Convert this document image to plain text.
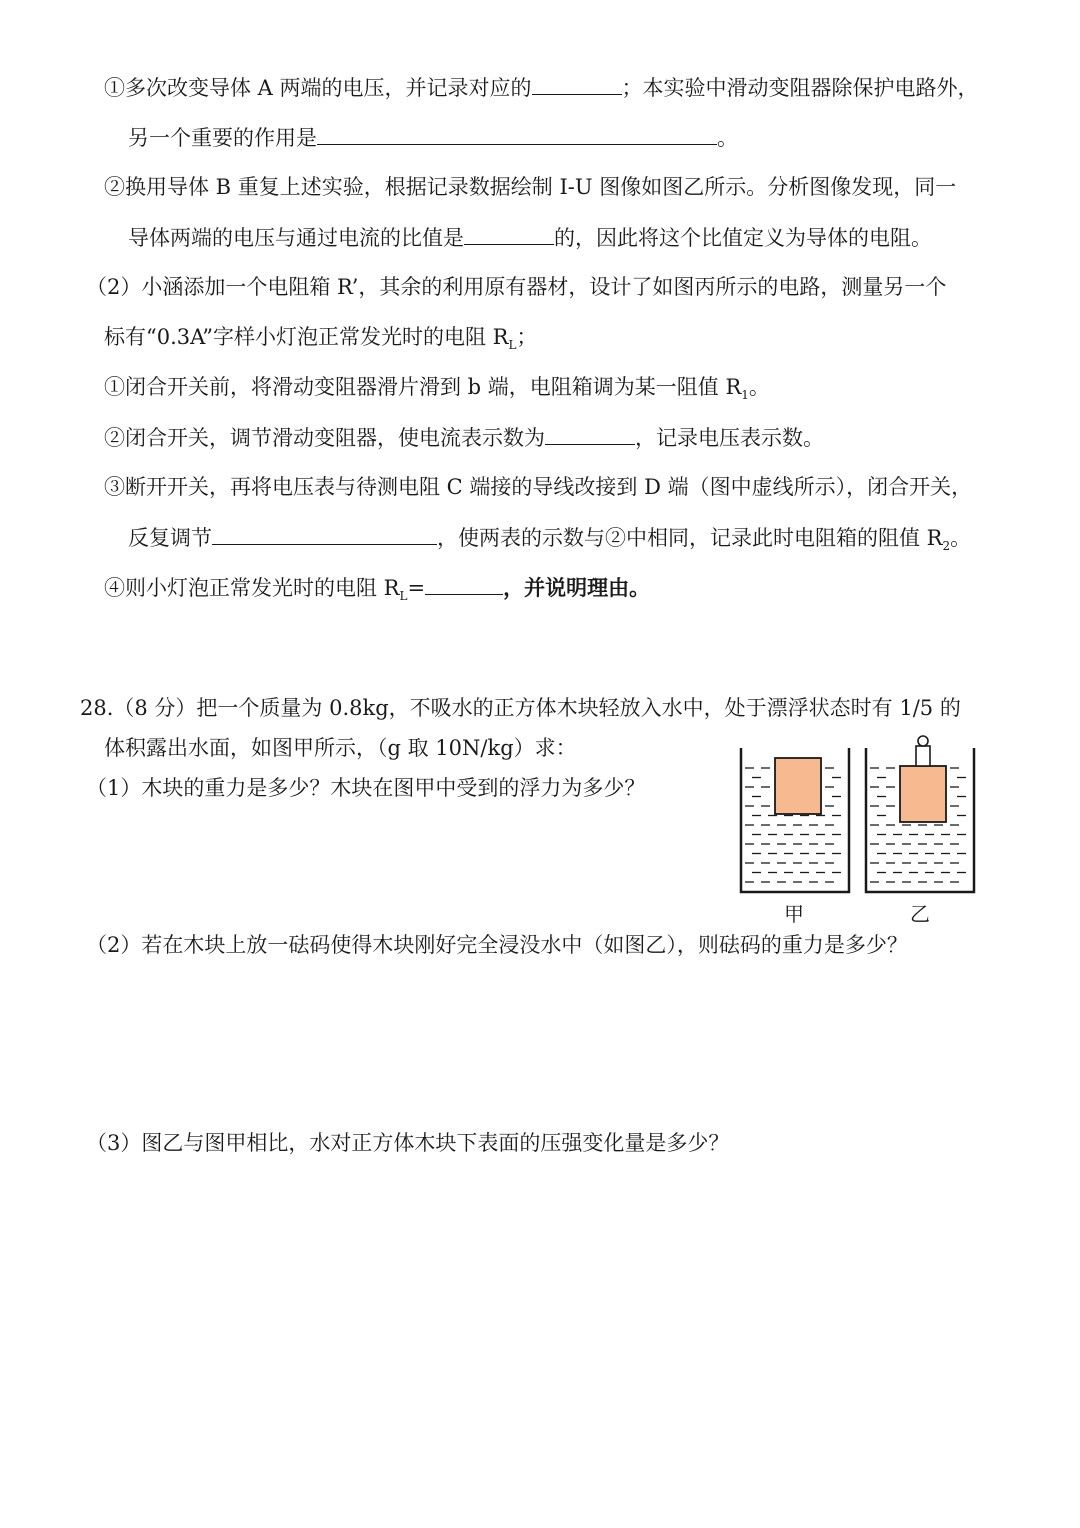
①多次改变导体 A 两端的电压，并记录对应的	；本实验中滑动变阻器除保护电路外，
另一个重要的作用是	。
②换用导体 B 重复上述实验，根据记录数据绘制 I-U 图像如图乙所示。分析图像发现，同一
导体两端的电压与通过电流的比值是	的，因此将这个比值定义为导体的电阻。
（2）小涵添加一个电阻箱 R’，其余的利用原有器材，设计了如图丙所示的电路，测量另一个
标有“0.3A”字样小灯泡正常发光时的电阻 $R_L$；
①闭合开关前，将滑动变阻器滑片滑到 b 端，电阻箱调为某一阻值 $R_1$。
②闭合开关，调节滑动变阻器，使电流表示数为	，记录电压表示数。
③断开开关，再将电压表与待测电阻 C 端接的导线改接到 D 端（图中虚线所示），闭合开关，
反复调节	，使两表的示数与②中相同，记录此时电阻箱的阻值 $R_2$。
④则小灯泡正常发光时的电阻 $R_L=$	，并说明理由。
28.（8 分）把一个质量为 0.8kg，不吸水的正方体木块轻放入水中，处于漂浮状态时有 1/5 的
体积露出水面，如图甲所示，（g 取 10N/kg）求：
（1）木块的重力是多少？木块在图甲中受到的浮力为多少？
甲	乙
（2）若在木块上放一砝码使得木块刚好完全浸没水中（如图乙），则砝码的重力是多少？
（3）图乙与图甲相比，水对正方体木块下表面的压强变化量是多少？
